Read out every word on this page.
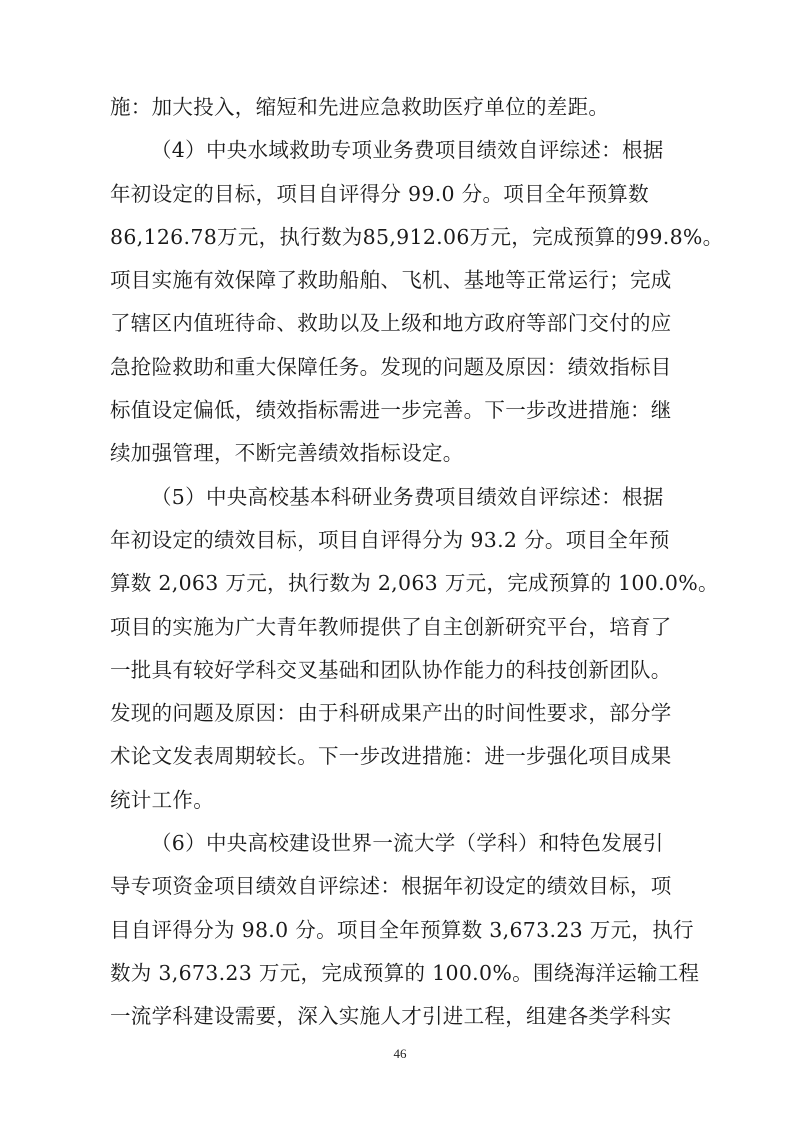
施：加大投入，缩短和先进应急救助医疗单位的差距。
（4）中央水域救助专项业务费项目绩效自评综述：根据
年初设定的目标，项目自评得分 99.0 分。项目全年预算数
86,126.78万元，执行数为85,912.06万元，完成预算的99.8%。
项目实施有效保障了救助船舶、飞机、基地等正常运行；完成
了辖区内值班待命、救助以及上级和地方政府等部门交付的应
急抢险救助和重大保障任务。发现的问题及原因：绩效指标目
标值设定偏低，绩效指标需进一步完善。下一步改进措施：继
续加强管理，不断完善绩效指标设定。
（5）中央高校基本科研业务费项目绩效自评综述：根据
年初设定的绩效目标，项目自评得分为 93.2 分。项目全年预
算数 2,063 万元，执行数为 2,063 万元，完成预算的 100.0%。
项目的实施为广大青年教师提供了自主创新研究平台，培育了
一批具有较好学科交叉基础和团队协作能力的科技创新团队。
发现的问题及原因：由于科研成果产出的时间性要求，部分学
术论文发表周期较长。下一步改进措施：进一步强化项目成果
统计工作。
（6）中央高校建设世界一流大学（学科）和特色发展引
导专项资金项目绩效自评综述：根据年初设定的绩效目标，项
目自评得分为 98.0 分。项目全年预算数 3,673.23 万元，执行
数为 3,673.23 万元，完成预算的 100.0%。围绕海洋运输工程
一流学科建设需要，深入实施人才引进工程，组建各类学科实
46
